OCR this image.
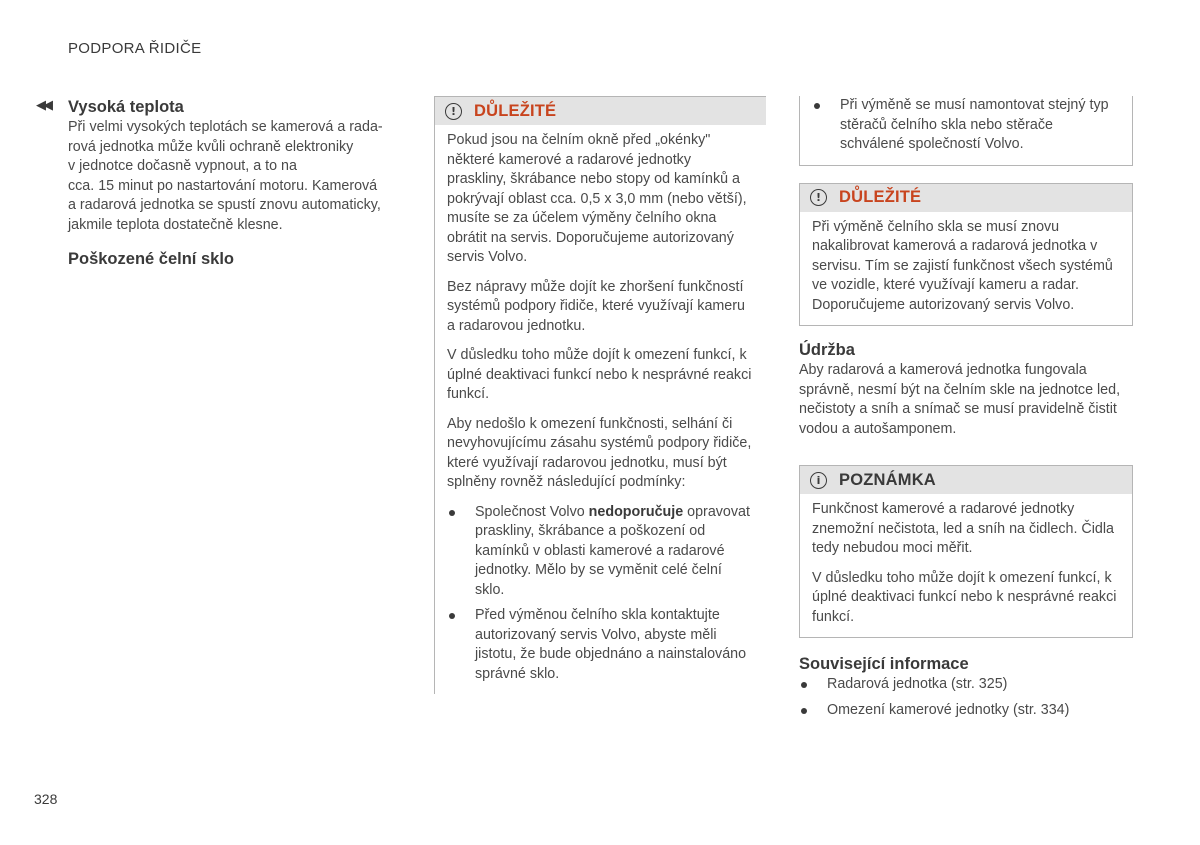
PODPORA ŘIDIČE
◀◀ Vysoká teplota

Při velmi vysokých teplotách se kamerová a rada-
rová jednotka může kvůli ochraně elektroniky
v jednotce dočasně vypnout, a to na
cca. 15 minut po nastartování motoru. Kamerová
a radarová jednotka se spustí znovu automaticky,
jakmile teplota dostatečně klesne.

Poškozené čelní sklo
!	DŮLEŽITÉ

Pokud jsou na čelním okně před „okénky" některé kamerové a radarové jednotky praskliny, škrábance nebo stopy od kamínků a pokrývají oblast cca. 0,5 x 3,0 mm (nebo větší), musíte se za účelem výměny čelního okna obrátit na servis. Doporučujeme autorizovaný servis Volvo.

Bez nápravy může dojít ke zhoršení funkčností systémů podpory řidiče, které využívají kameru a radarovou jednotku.

V důsledku toho může dojít k omezení funkcí, k úplné deaktivaci funkcí nebo k nesprávné reakci funkcí.

Aby nedošlo k omezení funkčnosti, selhání či nevyhovujícímu zásahu systémů podpory řidiče, které využívají radarovou jednotku, musí být splněny rovněž následující podmínky:

Společnost Volvo nedoporučuje opravovat praskliny, škrábance a poškození od kamínků v oblasti kamerové a radarové jednotky. Mělo by se vyměnit celé čelní sklo.
Před výměnou čelního skla kontaktujte autorizovaný servis Volvo, abyste měli jistotu, že bude objednáno a nainstalováno správné sklo.
Při výměně se musí namontovat stejný typ stěračů čelního skla nebo stěrače schválené společností Volvo.
!	DŮLEŽITÉ

Při výměně čelního skla se musí znovu nakalibrovat kamerová a radarová jednotka v servisu. Tím se zajistí funkčnost všech systémů ve vozidle, které využívají kameru a radar. Doporučujeme autorizovaný servis Volvo.

Údržba

Aby radarová a kamerová jednotka fungovala správně, nesmí být na čelním skle na jednotce led, nečistoty a sníh a snímač se musí pravidelně čistit vodou a autošamponem.

i	POZNÁMKA

Funkčnost kamerové a radarové jednotky znemožní nečistota, led a sníh na čidlech. Čidla tedy nebudou moci měřit.

V důsledku toho může dojít k omezení funkcí, k úplné deaktivaci funkcí nebo k nesprávné reakci funkcí.

Související informace
Radarová jednotka (str. 325)
Omezení kamerové jednotky (str. 334)
328
